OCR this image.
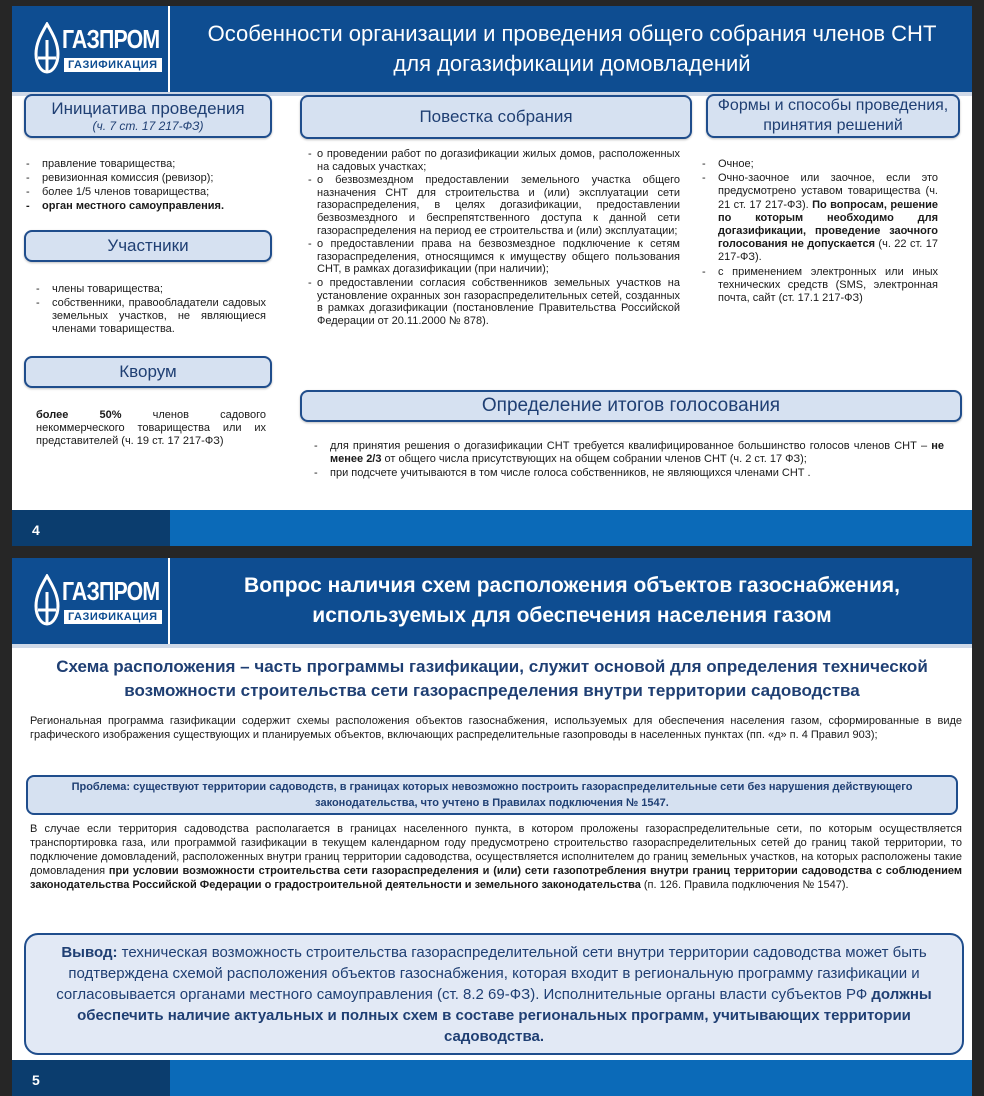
ГАЗПРОМ
ГАЗИФИКАЦИЯ
Особенности организации и проведения общего собрания членов СНТ для догазификации домовладений
Инициатива проведения
(ч. 7 ст. 17 217-ФЗ)
- правление товарищества;
- ревизионная комиссия (ревизор);
- более 1/5 членов товарищества;
- орган местного самоуправления.
Участники
- члены товарищества;
- собственники, правообладатели садовых земельных участков, не являющиеся членами товарищества.
Кворум
более 50% членов садового некоммерческого товарищества или их представителей (ч. 19 ст. 17 217-ФЗ)
Повестка собрания
- о проведении работ по догазификации жилых домов, расположенных на садовых участках;
- о безвозмездном предоставлении земельного участка общего назначения СНТ для строительства и (или) эксплуатации сети газораспределения, в целях догазификации, предоставлении безвозмездного и беспрепятственного доступа к данной сети газораспределения на период ее строительства и (или) эксплуатации;
- о предоставлении права на безвозмездное подключение к сетям газораспределения, относящимся к имуществу общего пользования СНТ, в рамках догазификации (при наличии);
- о предоставлении согласия собственников земельных участков на установление охранных зон газораспределительных сетей, созданных в рамках догазификации (постановление Правительства Российской Федерации от 20.11.2000 № 878).
Формы и способы проведения, принятия решений
- Очное;
- Очно-заочное или заочное, если это предусмотрено уставом товарищества (ч. 21 ст. 17 217-ФЗ). По вопросам, решение по которым необходимо для догазификации, проведение заочного голосования не допускается (ч. 22 ст. 17 217-ФЗ).
- с применением электронных или иных технических средств (SMS, электронная почта, сайт (ст. 17.1 217-ФЗ)
Определение итогов голосования
- для принятия решения о догазификации СНТ требуется квалифицированное большинство голосов членов СНТ – не менее 2/3 от общего числа присутствующих на общем собрании членов СНТ (ч. 2 ст. 17 ФЗ);
- при подсчете учитываются в том числе голоса собственников, не являющихся членами СНТ .
4
ГАЗПРОМ
ГАЗИФИКАЦИЯ
Вопрос наличия схем расположения объектов газоснабжения, используемых для обеспечения населения газом
Схема расположения – часть программы газификации, служит основой для определения технической возможности строительства сети газораспределения внутри территории садоводства
Региональная программа газификации содержит схемы расположения объектов газоснабжения, используемых для обеспечения населения газом, сформированные в виде графического изображения существующих и планируемых объектов, включающих распределительные газопроводы в населенных пунктах (пп. «д» п. 4 Правил 903);
Проблема: существуют территории садоводств, в границах которых невозможно построить газораспределительные сети без нарушения действующего законодательства, что учтено в Правилах подключения № 1547.
В случае если территория садоводства располагается в границах населенного пункта, в котором проложены газораспределительные сети, по которым осуществляется транспортировка газа, или программой газификации в текущем календарном году предусмотрено строительство газораспределительных сетей до границ такой территории, то подключение домовладений, расположенных внутри границ территории садоводства, осуществляется исполнителем до границ земельных участков, на которых расположены такие домовладения при условии возможности строительства сети газораспределения и (или) сети газопотребления внутри границ территории садоводства с соблюдением законодательства Российской Федерации о градостроительной деятельности и земельного законодательства (п. 126. Правила подключения № 1547).
Вывод: техническая возможность строительства газораспределительной сети внутри территории садоводства может быть подтверждена схемой расположения объектов газоснабжения, которая входит в региональную программу газификации и согласовывается органами местного самоуправления (ст. 8.2 69-ФЗ). Исполнительные органы власти субъектов РФ должны обеспечить наличие актуальных и полных схем в составе региональных программ, учитывающих территории садоводства.
5
